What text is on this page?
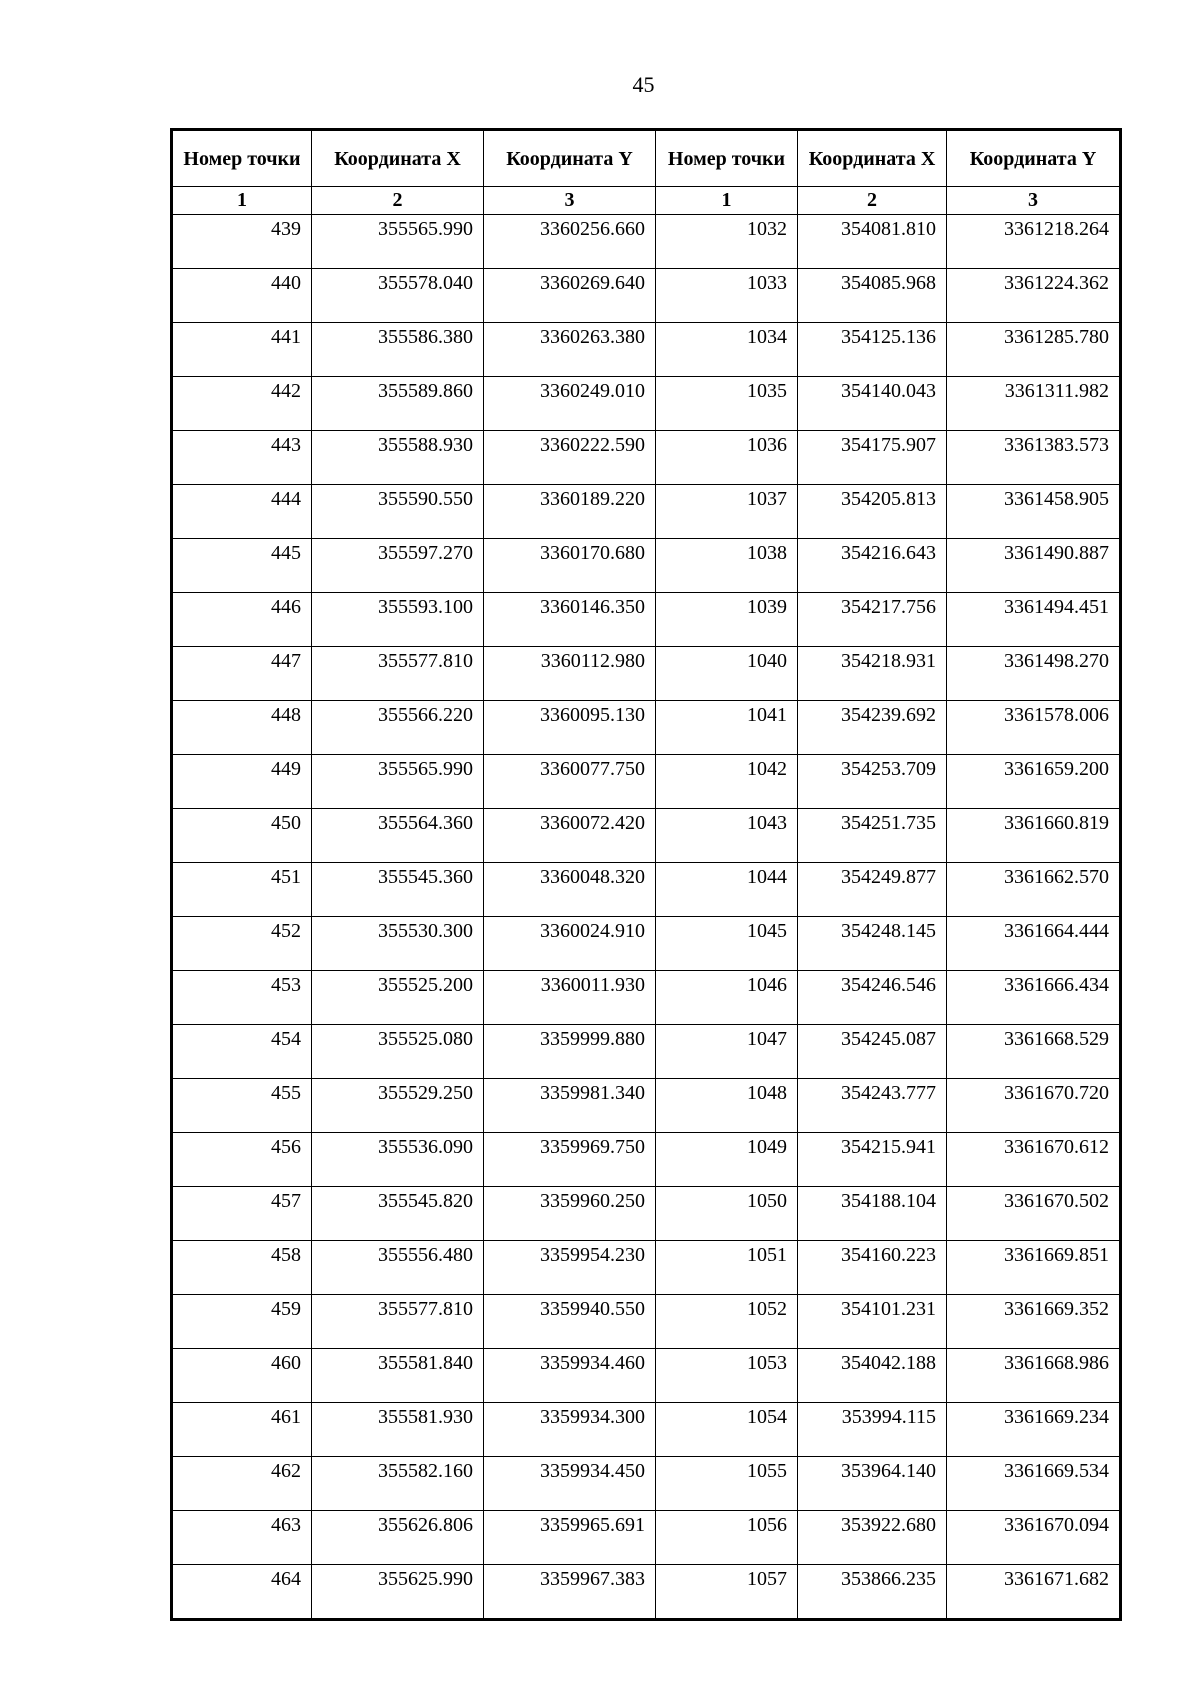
45
Номер точки	Координата X	Координата Y	Номер точки	Координата X	Координата Y
1	2	3	1	2	3
439	355565.990	3360256.660	1032	354081.810	3361218.264
440	355578.040	3360269.640	1033	354085.968	3361224.362
441	355586.380	3360263.380	1034	354125.136	3361285.780
442	355589.860	3360249.010	1035	354140.043	3361311.982
443	355588.930	3360222.590	1036	354175.907	3361383.573
444	355590.550	3360189.220	1037	354205.813	3361458.905
445	355597.270	3360170.680	1038	354216.643	3361490.887
446	355593.100	3360146.350	1039	354217.756	3361494.451
447	355577.810	3360112.980	1040	354218.931	3361498.270
448	355566.220	3360095.130	1041	354239.692	3361578.006
449	355565.990	3360077.750	1042	354253.709	3361659.200
450	355564.360	3360072.420	1043	354251.735	3361660.819
451	355545.360	3360048.320	1044	354249.877	3361662.570
452	355530.300	3360024.910	1045	354248.145	3361664.444
453	355525.200	3360011.930	1046	354246.546	3361666.434
454	355525.080	3359999.880	1047	354245.087	3361668.529
455	355529.250	3359981.340	1048	354243.777	3361670.720
456	355536.090	3359969.750	1049	354215.941	3361670.612
457	355545.820	3359960.250	1050	354188.104	3361670.502
458	355556.480	3359954.230	1051	354160.223	3361669.851
459	355577.810	3359940.550	1052	354101.231	3361669.352
460	355581.840	3359934.460	1053	354042.188	3361668.986
461	355581.930	3359934.300	1054	353994.115	3361669.234
462	355582.160	3359934.450	1055	353964.140	3361669.534
463	355626.806	3359965.691	1056	353922.680	3361670.094
464	355625.990	3359967.383	1057	353866.235	3361671.682
